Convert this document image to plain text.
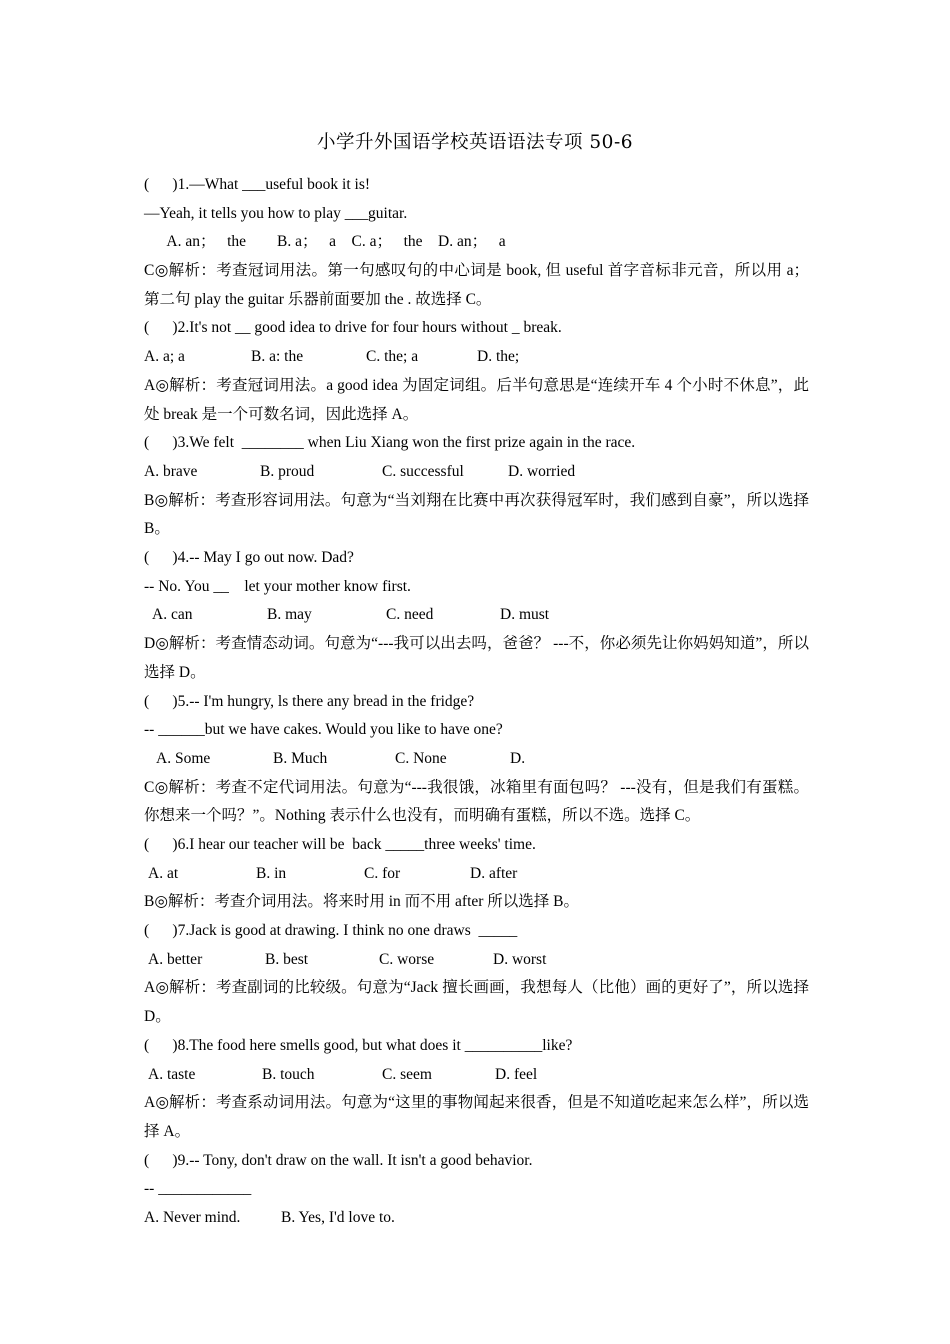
小学升外国语学校英语语法专项 50-6
(      )1.—What ___useful book it is!
—Yeah, it tells you how to play ___guitar.
A. an；   the        B. a；   a    C. a；   the    D. an；   a
C◎解析：考查冠词用法。第一句感叹句的中心词是 book, 但 useful 首字音标非元音，所以用 a；第二句 play the guitar 乐器前面要加 the . 故选择 C。
(      )2.It's not __ good idea to drive for four hours without _ break.
A. a; a	B. a: the	C. the; a	D. the;
A◎解析：考查冠词用法。a good idea 为固定词组。后半句意思是“连续开车 4 个小时不休息”，此处 break 是一个可数名词，因此选择 A。
(      )3.We felt  ________ when Liu Xiang won the first prize again in the race.
A. brave	B. proud	C. successful	D. worried
B◎解析：考查形容词用法。句意为“当刘翔在比赛中再次获得冠军时，我们感到自豪”，所以选择 B。
(      )4.-- May I go out now. Dad?
-- No. You __    let your mother know first.
A. can	B. may	C. need	D. must
D◎解析：考查情态动词。句意为“---我可以出去吗，爸爸？ ---不，你必须先让你妈妈知道”，所以选择 D。
(      )5.-- I'm hungry, ls there any bread in the fridge?
-- ______but we have cakes. Would you like to have one?
A. Some	B. Much	C. None	D.
C◎解析：考查不定代词用法。句意为“---我很饿，冰箱里有面包吗？ ---没有，但是我们有蛋糕。你想来一个吗？”。Nothing 表示什么也没有，而明确有蛋糕，所以不选。选择 C。
(      )6.I hear our teacher will be  back _____three weeks' time.
A. at	B. in	C. for	D. after
B◎解析：考查介词用法。将来时用 in 而不用 after 所以选择 B。
(      )7.Jack is good at drawing. I think no one draws  _____
A. better	B. best	C. worse	D. worst
A◎解析：考查副词的比较级。句意为“Jack 擅长画画，我想每人（比他）画的更好了”，所以选择 D。
(      )8.The food here smells good, but what does it __________like?
A. taste	B. touch	C. seem	D. feel
A◎解析：考查系动词用法。句意为“这里的事物闻起来很香，但是不知道吃起来怎么样”，所以选择 A。
(      )9.-- Tony, don't draw on the wall. It isn't a good behavior.
-- ____________
A. Never mind.	B. Yes, I'd love to.
